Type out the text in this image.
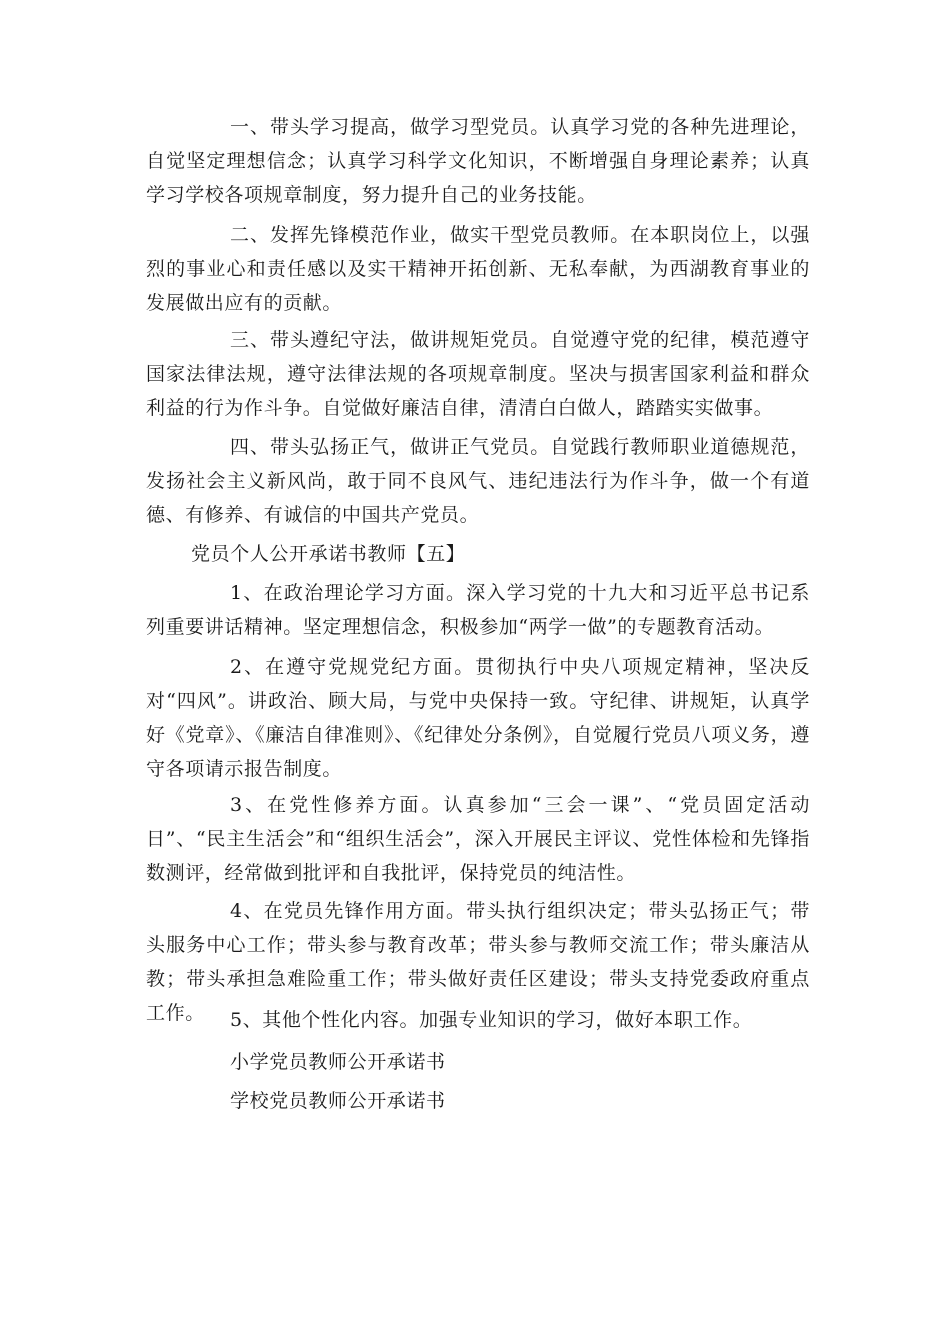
一、带头学习提高，做学习型党员。认真学习党的各种先进理论，自觉坚定理想信念；认真学习科学文化知识，不断增强自身理论素养；认真学习学校各项规章制度，努力提升自己的业务技能。

二、发挥先锋模范作业，做实干型党员教师。在本职岗位上，以强烈的事业心和责任感以及实干精神开拓创新、无私奉献，为西湖教育事业的发展做出应有的贡献。

三、带头遵纪守法，做讲规矩党员。自觉遵守党的纪律，模范遵守国家法律法规，遵守法律法规的各项规章制度。坚决与损害国家利益和群众利益的行为作斗争。自觉做好廉洁自律，清清白白做人，踏踏实实做事。

四、带头弘扬正气，做讲正气党员。自觉践行教师职业道德规范，发扬社会主义新风尚，敢于同不良风气、违纪违法行为作斗争，做一个有道德、有修养、有诚信的中国共产党员。

党员个人公开承诺书教师【五】

1、在政治理论学习方面。深入学习党的十九大和习近平总书记系列重要讲话精神。坚定理想信念，积极参加“两学一做”的专题教育活动。

2、在遵守党规党纪方面。贯彻执行中央八项规定精神，坚决反对“四风”。讲政治、顾大局，与党中央保持一致。守纪律、讲规矩，认真学好《党章》、《廉洁自律准则》、《纪律处分条例》，自觉履行党员八项义务，遵守各项请示报告制度。

3、在党性修养方面。认真参加“三会一课”、“党员固定活动日”、“民主生活会”和“组织生活会”，深入开展民主评议、党性体检和先锋指数测评，经常做到批评和自我批评，保持党员的纯洁性。

4、在党员先锋作用方面。带头执行组织决定；带头弘扬正气；带头服务中心工作；带头参与教育改革；带头参与教师交流工作；带头廉洁从教；带头承担急难险重工作；带头做好责任区建设；带头支持党委政府重点工作。	5、其他个性化内容。加强专业知识的学习，做好本职工作。

小学党员教师公开承诺书

学校党员教师公开承诺书
